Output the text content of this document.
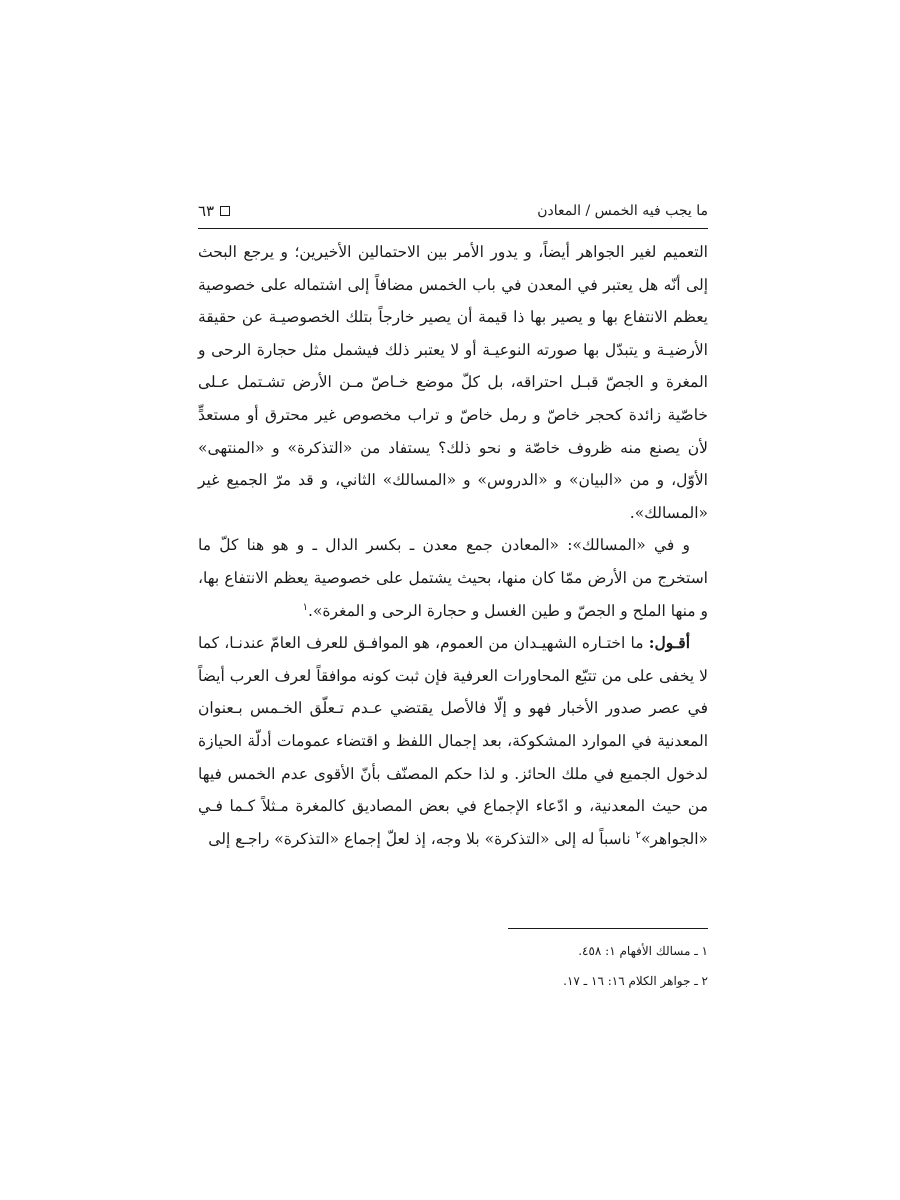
ما يجب فيه الخمس / المعادن
٦٣

التعميم لغير الجواهر أيضاً، و يدور الأمر بين الاحتمالين الأخيرين؛ و يرجع البحث إلى أنّه هل يعتبر في المعدن في باب الخمس مضافاً إلى اشتماله على خصوصية يعظم الانتفاع بها و يصير بها ذا قيمة أن يصير خارجاً بتلك الخصوصيـة عن حقيقة الأرضيـة و يتبدّل بها صورته النوعيـة أو لا يعتبر ذلك فيشمل مثل حجارة الرحى و المغرة و الجصّ قبـل احتراقه، بل كلّ موضع خـاصّ مـن الأرض تشـتمل عـلى خاصّية زائدة كحجر خاصّ و رمل خاصّ و تراب مخصوص غير محترق أو مستعدٍّ لأن يصنع منه ظروف خاصّة و نحو ذلك؟ يستفاد من «التذكرة» و «المنتهى» الأوّل، و من «البيان» و «الدروس» و «المسالك» الثاني، و قد مرّ الجميع غير «المسالك».

و في «المسالك»: «المعادن جمع معدن ـ بكسر الدال ـ و هو هنا كلّ ما استخرج من الأرض ممّا كان منها، بحيث يشتمل على خصوصية يعظم الانتفاع بها، و منها الملح و الجصّ و طين الغسل و حجارة الرحى و المغرة».$^١$

أقـول: ما اختـاره الشهيـدان من العموم، هو الموافـق للعرف العامّ عندنـا، كما لا يخفى على من تتبّع المحاورات العرفية فإن ثبت كونه موافقاً لعرف العرب أيضاً في عصر صدور الأخبار فهو و إلّا فالأصل يقتضي عـدم تـعلّق الخـمس بـعنوان المعدنية في الموارد المشكوكة، بعد إجمال اللفظ و اقتضاء عمومات أدلّة الحيازة لدخول الجميع في ملك الحائز. و لذا حكم المصنّف بأنّ الأقوى عدم الخمس فيها من حيث المعدنية، و ادّعاء الإجماع في بعض المصاديق كالمغرة مـثلاً كـما فـي «الجواهر»$^٢$ ناسباً له إلى «التذكرة» بلا وجه، إذ لعلّ إجماع «التذكرة» راجـع إلى

١ ـ مسالك الأفهام ١: ٤٥٨.
٢ ـ جواهر الكلام ١٦: ١٦ ـ ١٧.
